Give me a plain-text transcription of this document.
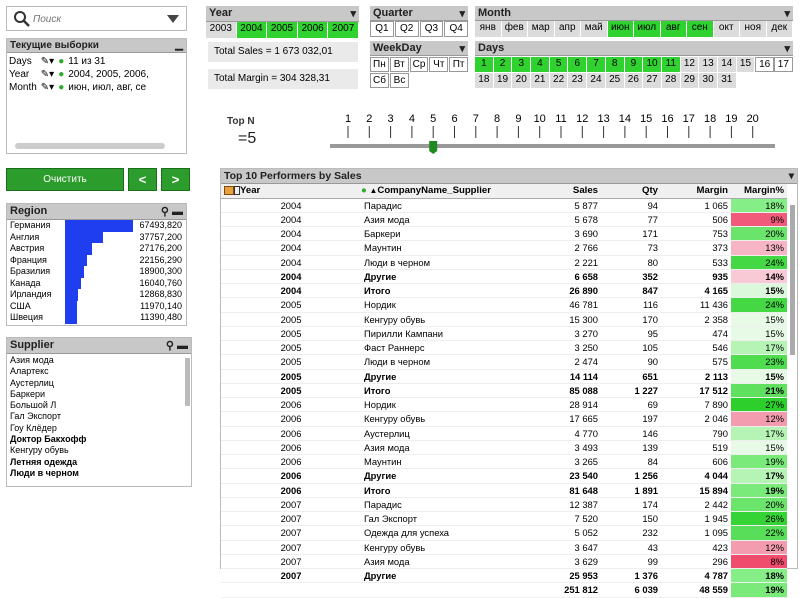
Поиск
Текущие выборки	▁
Days	✎▾	●	11 из 31
Year	✎▾	●	2004, 2005, 2006,
Month	✎▾	●	июн, июл, авг, се
Очистить	<	>
Region	⚲ ▬
Германия	67493,820
Англия	37757,200
Австрия	27176,200
Франция	22156,290
Бразилия	18900,300
Канада	16040,760
Ирландия	12868,830
США	11970,140
Швеция	11390,480
Supplier	⚲ ▬
Азия мода
Алартекс
Аустерлиц
Баркери
Большой Л
Гал Экспорт
Гоу Клёдер
Доктор Бакхофф
Кенгуру обувь
Летняя одежда
Люди в черном
Year	▾
2003 2004 2005 2006 2007
Total Sales = 1 673 032,01
Total Margin = 304 328,31
Quarter	▾
Q1	Q2	Q3	Q4
WeekDay	▾
Пн Вт Ср Чт Пт
Сб Вс
Month	▾
янв фев мар апр май июн июл авг	сен	окт	ноя	дек
Days	▾
1	2	3	4	5	6	7	8	9	10 11 12 13 14 15 16 17
18 19 20 21 22 23 24 25 26 27 28 29 30 31
Top N
=5
1 2 3 4 5 6 7 8 9 10 11 12 13 14 15 16 17 18 19 20
Top 10 Performers by Sales	▾
Year	● ▲CompanyName_Supplier	Sales	Qty	Margin	Margin%
2004	Парадис	5 877	94	1 065	18%
2004	Азия мода	5 678	77	506	9%
2004	Баркери	3 690	171	753	20%
2004	Маунтин	2 766	73	373	13%
2004	Люди в черном	2 221	80	533	24%
2004	Другие	6 658	352	935	14%
2004	Итого	26 890	847	4 165	15%
2005	Нордик	46 781	116	11 436	24%
2005	Кенгуру обувь	15 300	170	2 358	15%
2005	Пирилли Кампани	3 270	95	474	15%
2005	Фаст Раннерс	3 250	105	546	17%
2005	Люди в черном	2 474	90	575	23%
2005	Другие	14 114	651	2 113	15%
2005	Итого	85 088	1 227	17 512	21%
2006	Нордик	28 914	69	7 890	27%
2006	Кенгуру обувь	17 665	197	2 046	12%
2006	Аустерлиц	4 770	146	790	17%
2006	Азия мода	3 493	139	519	15%
2006	Маунтин	3 265	84	606	19%
2006	Другие	23 540	1 256	4 044	17%
2006	Итого	81 648	1 891	15 894	19%
2007	Парадис	12 387	174	2 442	20%
2007	Гал Экспорт	7 520	150	1 945	26%
2007	Одежда для успеха	5 052	232	1 095	22%
2007	Кенгуру обувь	3 647	43	423	12%
2007	Азия мода	3 629	99	296	8%
2007	Другие	25 953	1 376	4 787	18%
		251 812	6 039	48 559	19%
